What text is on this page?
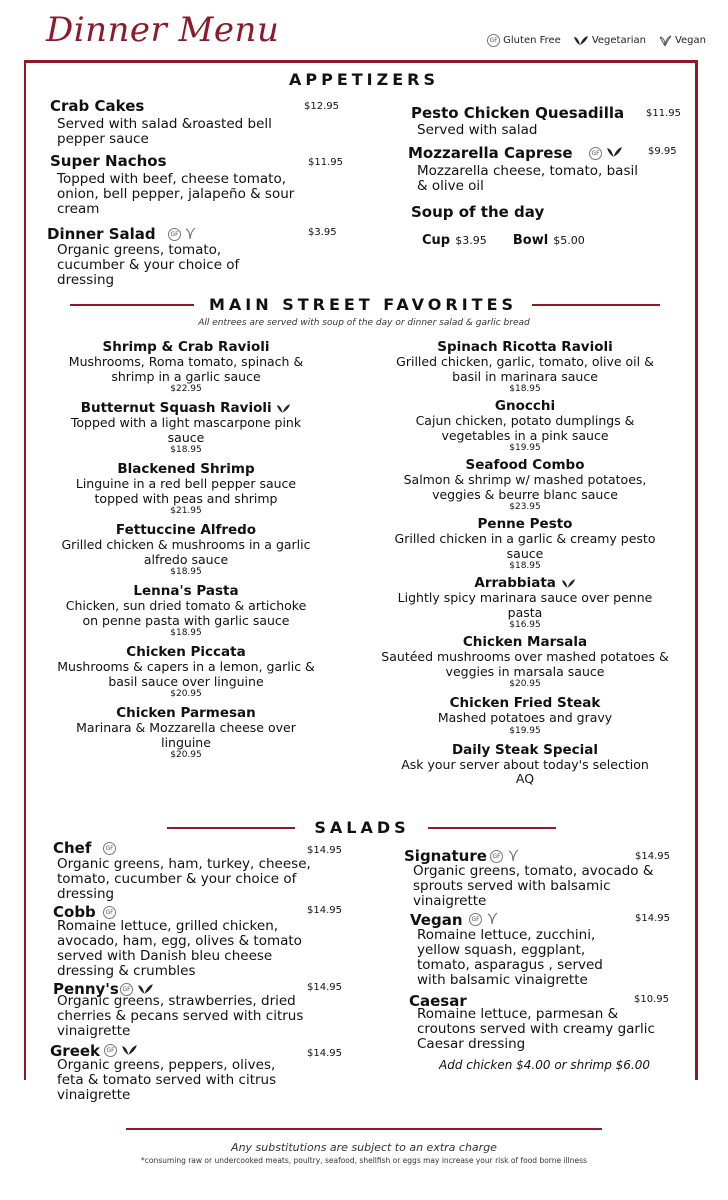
Dinner Menu	GF Gluten Free	Vegetarian	Vegan
APPETIZERS
Crab Cakes	$12.95
Served with salad &roasted bell pepper sauce
Super Nachos	$11.95
Topped with beef, cheese tomato, onion, bell pepper, jalapeño & sour cream
Dinner Salad	GF	$3.95
Organic greens, tomato, cucumber & your choice of dressing
Pesto Chicken Quesadilla $11.95
Served with salad
Mozzarella Caprese	GF	$9.95
Mozzarella cheese, tomato, basil & olive oil
Soup of the day
Cup $3.95 Bowl $5.00
MAIN STREET FAVORITES
All entrees are served with soup of the day or dinner salad & garlic bread
Shrimp & Crab Ravioli
Mushrooms, Roma tomato, spinach & shrimp in a garlic sauce
$22.95
Butternut Squash Ravioli
Topped with a light mascarpone pink sauce
$18.95
Blackened Shrimp
Linguine in a red bell pepper sauce topped with peas and shrimp
$21.95
Fettuccine Alfredo
Grilled chicken & mushrooms in a garlic alfredo sauce
$18.95
Lenna's Pasta
Chicken, sun dried tomato & artichoke on penne pasta with garlic sauce
$18.95
Chicken Piccata
Mushrooms & capers in a lemon, garlic & basil sauce over linguine
$20.95
Chicken Parmesan
Marinara & Mozzarella cheese over linguine
$20.95
Spinach Ricotta Ravioli
Grilled chicken, garlic, tomato, olive oil & basil in marinara sauce
$18.95
Gnocchi
Cajun chicken, potato dumplings & vegetables in a pink sauce
$19.95
Seafood Combo
Salmon & shrimp w/ mashed potatoes, veggies & beurre blanc sauce
$23.95
Penne Pesto
Grilled chicken in a garlic & creamy pesto sauce
$18.95
Arrabbiata
Lightly spicy marinara sauce over penne pasta
$16.95
Chicken Marsala
Sautéed mushrooms over mashed potatoes & veggies in marsala sauce
$20.95
Chicken Fried Steak
Mashed potatoes and gravy
$19.95
Daily Steak Special
Ask your server about today's selection
AQ
SALADS
Chef	GF	$14.95
Organic greens, ham, turkey, cheese, tomato, cucumber & your choice of dressing
Cobb	GF	$14.95
Romaine lettuce, grilled chicken, avocado, ham, egg, olives & tomato served with Danish bleu cheese dressing & crumbles
Penny's GF	$14.95
Organic greens, strawberries, dried cherries & pecans served with citrus vinaigrette
Greek	GF	$14.95
Organic greens, peppers, olives, feta & tomato served with citrus vinaigrette
Signature GF	$14.95
Organic greens, tomato, avocado & sprouts served with balsamic vinaigrette
Vegan	GF	$14.95
Romaine lettuce, zucchini, yellow squash, eggplant, tomato, asparagus , served with balsamic vinaigrette
Caesar	$10.95
Romaine lettuce, parmesan & croutons served with creamy garlic Caesar dressing
Add chicken $4.00 or shrimp $6.00
Any substitutions are subject to an extra charge
*consuming raw or undercooked meats, poultry, seafood, shellfish or eggs may increase your risk of food borne illness
